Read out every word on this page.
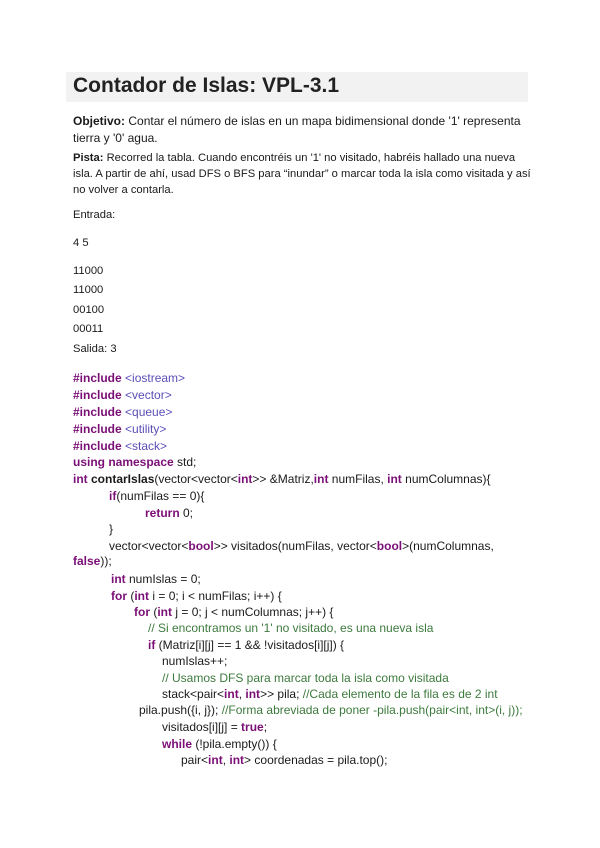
Contador de Islas: VPL-3.1

Objetivo: Contar el número de islas en un mapa bidimensional donde '1' representa tierra y '0' agua.

Pista: Recorred la tabla. Cuando encontréis un '1' no visitado, habréis hallado una nueva isla. A partir de ahí, usad DFS o BFS para “inundar” o marcar toda la isla como visitada y así no volver a contarla.

Entrada:

4 5

11000

11000

00100

00011

Salida: 3

#include <iostream>

#include <vector>

#include <queue>

#include <utility>

#include <stack>

using namespace std;

int contarIslas(vector<vector<int>> &Matriz,int numFilas, int numColumnas){

if(numFilas == 0){

return 0;

}

vector<vector<bool>> visitados(numFilas, vector<bool>(numColumnas,

false));

int numIslas = 0;

for (int i = 0; i < numFilas; i++) {

for (int j = 0; j < numColumnas; j++) {

// Si encontramos un '1' no visitado, es una nueva isla

if (Matriz[i][j] == 1 && !visitados[i][j]) {

numIslas++;

// Usamos DFS para marcar toda la isla como visitada

stack<pair<int, int>> pila; //Cada elemento de la fila es de 2 int

pila.push({i, j}); //Forma abreviada de poner -pila.push(pair<int, int>(i, j));

visitados[i][j] = true;

while (!pila.empty()) {

pair<int, int> coordenadas = pila.top();
